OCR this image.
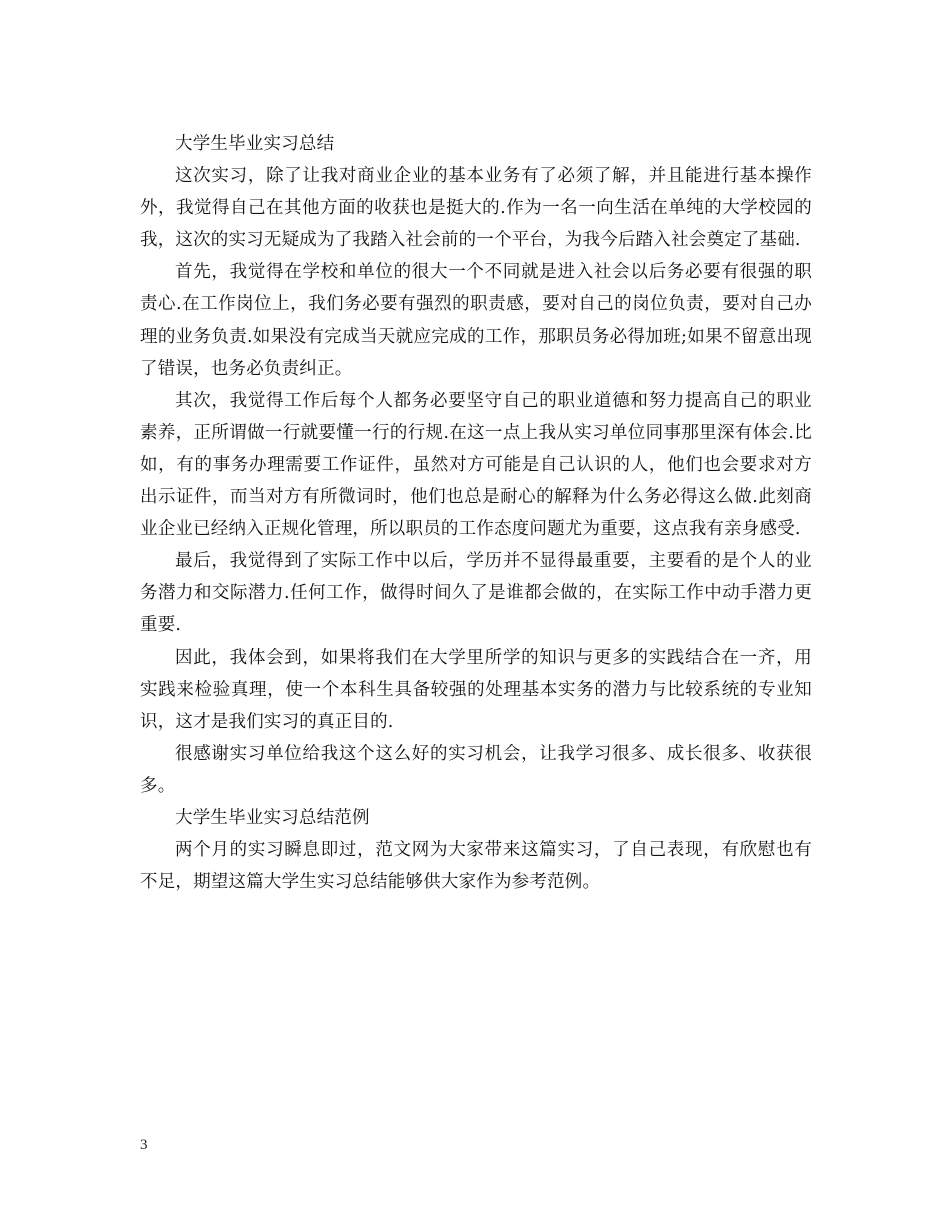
大学生毕业实习总结

这次实习，除了让我对商业企业的基本业务有了必须了解，并且能进行基本操作外，我觉得自己在其他方面的收获也是挺大的.作为一名一向生活在单纯的大学校园的我，这次的实习无疑成为了我踏入社会前的一个平台，为我今后踏入社会奠定了基础.

首先，我觉得在学校和单位的很大一个不同就是进入社会以后务必要有很强的职责心.在工作岗位上，我们务必要有强烈的职责感，要对自己的岗位负责，要对自己办理的业务负责.如果没有完成当天就应完成的工作，那职员务必得加班;如果不留意出现了错误，也务必负责纠正。

其次，我觉得工作后每个人都务必要坚守自己的职业道德和努力提高自己的职业素养，正所谓做一行就要懂一行的行规.在这一点上我从实习单位同事那里深有体会.比如，有的事务办理需要工作证件，虽然对方可能是自己认识的人，他们也会要求对方出示证件，而当对方有所微词时，他们也总是耐心的解释为什么务必得这么做.此刻商业企业已经纳入正规化管理，所以职员的工作态度问题尤为重要，这点我有亲身感受.

最后，我觉得到了实际工作中以后，学历并不显得最重要，主要看的是个人的业务潜力和交际潜力.任何工作，做得时间久了是谁都会做的，在实际工作中动手潜力更重要.

因此，我体会到，如果将我们在大学里所学的知识与更多的实践结合在一齐，用实践来检验真理，使一个本科生具备较强的处理基本实务的潜力与比较系统的专业知识，这才是我们实习的真正目的.

很感谢实习单位给我这个这么好的实习机会，让我学习很多、成长很多、收获很多。

大学生毕业实习总结范例

两个月的实习瞬息即过，范文网为大家带来这篇实习，了自己表现，有欣慰也有不足，期望这篇大学生实习总结能够供大家作为参考范例。

3
